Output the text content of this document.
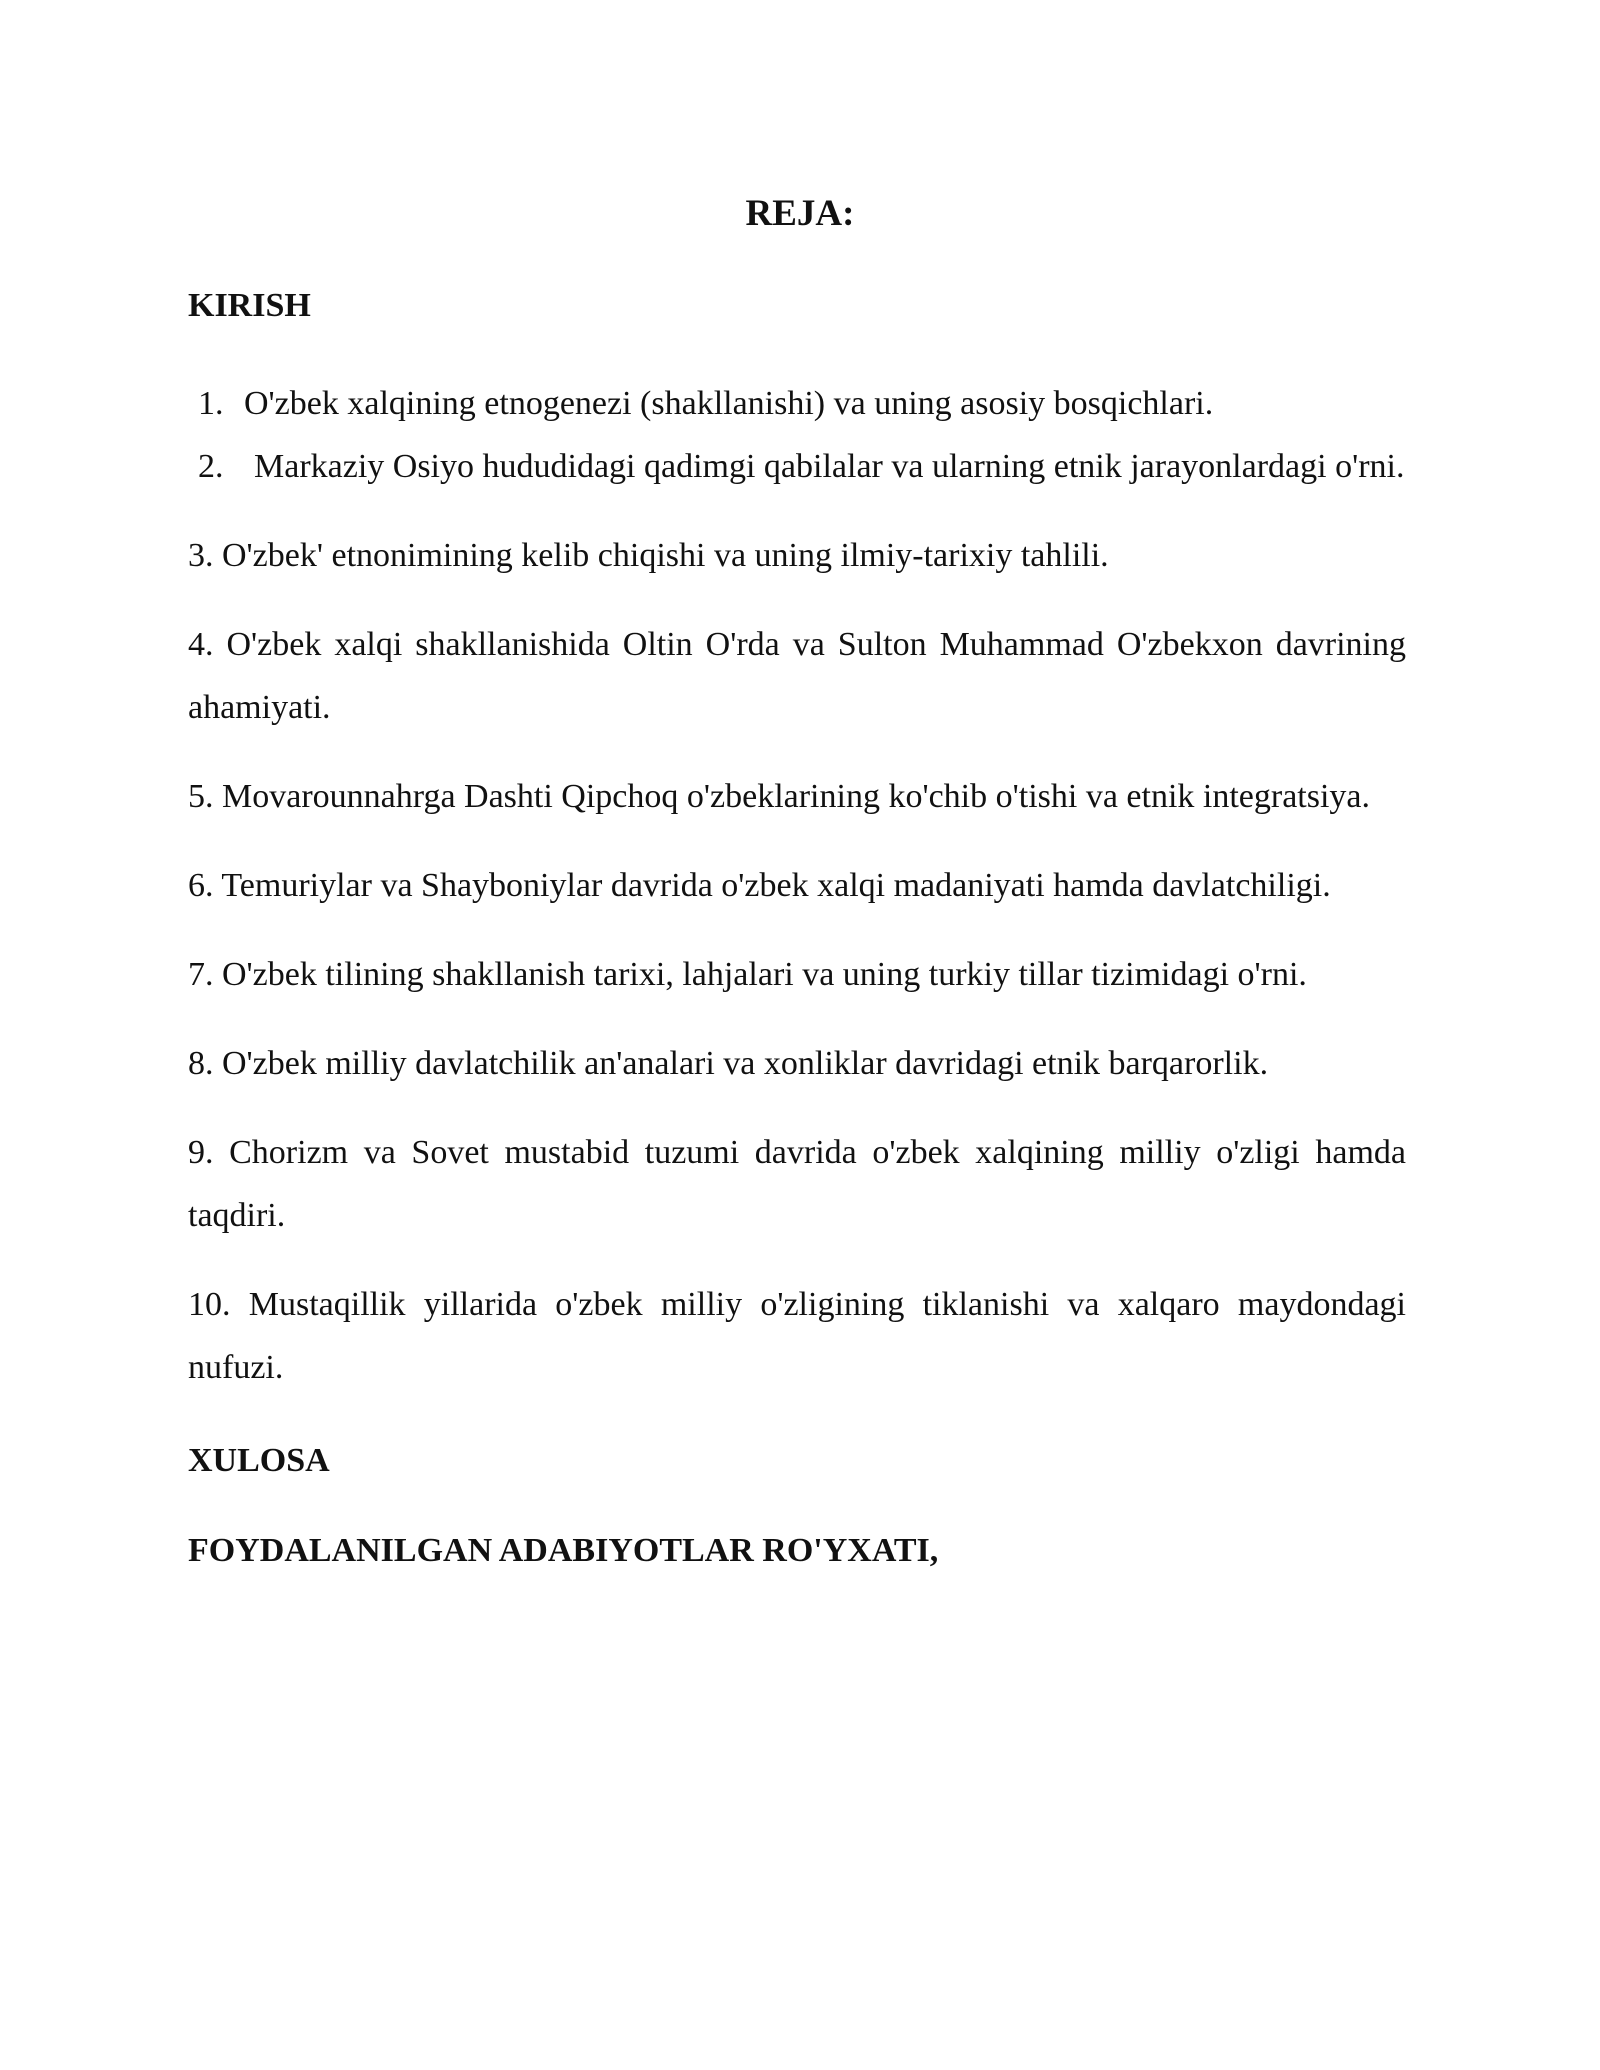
REJA:

KIRISH

1. O'zbek xalqining etnogenezi (shakllanishi) va uning asosiy bosqichlari.
2. Markaziy Osiyo hududidagi qadimgi qabilalar va ularning etnik jarayonlardagi o'rni.

3. O'zbek' etnonimining kelib chiqishi va uning ilmiy-tarixiy tahlili.

4. O'zbek xalqi shakllanishida Oltin O'rda va Sulton Muhammad O'zbekxon davrining ahamiyati.

5. Movarounnahrga Dashti Qipchoq o'zbeklarining ko'chib o'tishi va etnik integratsiya.

6. Temuriylar va Shayboniylar davrida o'zbek xalqi madaniyati hamda davlatchiligi.

7. O'zbek tilining shakllanish tarixi, lahjalari va uning turkiy tillar tizimidagi o'rni.

8. O'zbek milliy davlatchilik an'analari va xonliklar davridagi etnik barqarorlik.

9. Chorizm va Sovet mustabid tuzumi davrida o'zbek xalqining milliy o'zligi hamda taqdiri.

10. Mustaqillik yillarida o'zbek milliy o'zligining tiklanishi va xalqaro maydondagi nufuzi.

XULOSA

FOYDALANILGAN ADABIYOTLAR RO'YXATI,
